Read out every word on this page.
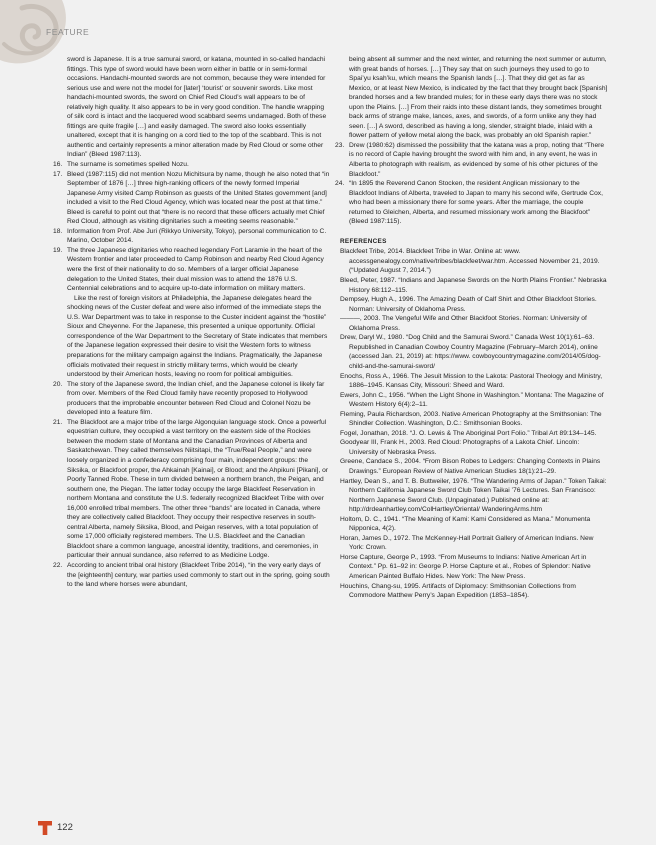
FEATURE
sword is Japanese. It is a true samurai sword, or katana, mounted in so-called handachi fittings. This type of sword would have been worn either in battle or in semi-formal occasions. Handachi-mounted swords are not common, because they were intended for serious use and were not the model for [later] ‘tourist’ or souvenir swords. Like most handachi-mounted swords, the sword on Chief Red Cloud’s wall appears to be of relatively high quality. It also appears to be in very good condition. The handle wrapping of silk cord is intact and the lacquered wood scabbard seems undamaged. Both of these fittings are quite fragile […] and easily damaged. The sword also looks essentially unaltered, except that it is hanging on a cord tied to the top of the scabbard. This is not authentic and certainly represents a minor alteration made by Red Cloud or some other Indian” (Bleed 1987:113).
16. The surname is sometimes spelled Nozu.
17. Bleed (1987:115) did not mention Nozu Michitsura by name, though he also noted that “in September of 1876 […] three high-ranking officers of the newly formed Imperial Japanese Army visited Camp Robinson as guests of the United States government [and] included a visit to the Red Cloud Agency, which was located near the post at that time.” Bleed is careful to point out that “there is no record that these officers actually met Chief Red Cloud, although as visiting dignitaries such a meeting seems reasonable.”
18. Information from Prof. Abe Juri (Rikkyo University, Tokyo), personal communication to C. Marino, October 2014.
19. The three Japanese dignitaries who reached legendary Fort Laramie in the heart of the Western frontier and later proceeded to Camp Robinson and nearby Red Cloud Agency were the first of their nationality to do so. Members of a larger official Japanese delegation to the United States, their dual mission was to attend the 1876 U.S. Centennial celebrations and to acquire up-to-date information on military matters.
Like the rest of foreign visitors at Philadelphia, the Japanese delegates heard the shocking news of the Custer defeat and were also informed of the immediate steps the U.S. War Department was to take in response to the Custer incident against the “hostile” Sioux and Cheyenne. For the Japanese, this presented a unique opportunity. Official correspondence of the War Department to the Secretary of State indicates that members of the Japanese legation expressed their desire to visit the Western forts to witness preparations for the military campaign against the Indians. Pragmatically, the Japanese officials motivated their request in strictly military terms, which would be clearly understood by their American hosts, leaving no room for political ambiguities.
20. The story of the Japanese sword, the Indian chief, and the Japanese colonel is likely far from over. Members of the Red Cloud family have recently proposed to Hollywood producers that the improbable encounter between Red Cloud and Colonel Nozu be developed into a feature film.
21. The Blackfoot are a major tribe of the large Algonquian language stock. Once a powerful equestrian culture, they occupied a vast territory on the eastern side of the Rockies between the modern state of Montana and the Canadian Provinces of Alberta and Saskatchewan. They called themselves Niitsitapi, the “True/Real People,” and were loosely organized in a confederacy comprising four main, independent groups: the Siksika, or Blackfoot proper, the Ahkainah [Kainai], or Blood; and the Ahpikuni [Pikani], or Poorly Tanned Robe. These in turn divided between a northern branch, the Peigan, and southern one, the Piegan. The latter today occupy the large Blackfeet Reservation in northern Montana and constitute the U.S. federally recognized Blackfeet Tribe with over 16,000 enrolled tribal members. The other three “bands” are located in Canada, where they are collectively called Blackfoot. They occupy their respective reserves in south-central Alberta, namely Siksika, Blood, and Peigan reserves, with a total population of some 17,000 officially registered members. The U.S. Blackfeet and the Canadian Blackfoot share a common language, ancestral identity, traditions, and ceremonies, in particular their annual sundance, also referred to as Medicine Lodge.
22. According to ancient tribal oral history (Blackfeet Tribe 2014), “in the very early days of the [eighteenth] century, war parties used commonly to start out in the spring, going south to the land where horses were abundant,
being absent all summer and the next winter, and returning the next summer or autumn, with great bands of horses. […] They say that on such journeys they used to go to Spai’yu ksah’ku, which means the Spanish lands […]. That they did get as far as Mexico, or at least New Mexico, is indicated by the fact that they brought back [Spanish] branded horses and a few branded mules; for in these early days there was no stock upon the Plains. […] From their raids into these distant lands, they sometimes brought back arms of strange make, lances, axes, and swords, of a form unlike any they had seen. […] A sword, described as having a long, slender, straight blade, inlaid with a flower pattern of yellow metal along the back, was probably an old Spanish rapier.”
23. Drew (1980:62) dismissed the possibility that the katana was a prop, noting that “There is no record of Caple having brought the sword with him and, in any event, he was in Alberta to photograph with realism, as evidenced by some of his other pictures of the Blackfoot.”
24. “In 1895 the Reverend Canon Stocken, the resident Anglican missionary to the Blackfoot Indians of Alberta, traveled to Japan to marry his second wife, Gertrude Cox, who had been a missionary there for some years. After the marriage, the couple returned to Gleichen, Alberta, and resumed missionary work among the Blackfoot” (Bleed 1987:115).
REFERENCES
Blackfeet Tribe, 2014. Blackfeet Tribe in War. Online at: www. accessgenealogy.com/native/tribes/blackfeet/war.htm. Accessed November 21, 2019. (“Updated August 7, 2014.”)
Bleed, Peter, 1987. “Indians and Japanese Swords on the North Plains Frontier.” Nebraska History 68:112–115.
Dempsey, Hugh A., 1996. The Amazing Death of Calf Shirt and Other Blackfoot Stories. Norman: University of Oklahoma Press.
———, 2003. The Vengeful Wife and Other Blackfoot Stories. Norman: University of Oklahoma Press.
Drew, Daryl W., 1980. “Dog Child and the Samurai Sword.” Canada West 10(1):61–63. Republished in Canadian Cowboy Country Magazine (February–March 2014), online (accessed Jan. 21, 2019) at: https://www. cowboycountrymagazine.com/2014/05/dog-child-and-the-samurai-sword/
Enochs, Ross A., 1966. The Jesuit Mission to the Lakota: Pastoral Theology and Ministry, 1886–1945. Kansas City, Missouri: Sheed and Ward.
Ewers, John C., 1956. “When the Light Shone in Washington.” Montana: The Magazine of Western History 6(4):2–11.
Fleming, Paula Richardson, 2003. Native American Photography at the Smithsonian: The Shindler Collection. Washington, D.C.: Smithsonian Books.
Fogel, Jonathan, 2018. “J. O. Lewis & The Aboriginal Port Folio.” Tribal Art 89:134–145.
Goodyear III, Frank H., 2003. Red Cloud: Photographs of a Lakota Chief. Lincoln: University of Nebraska Press.
Greene, Candace S., 2004. “From Bison Robes to Ledgers: Changing Contexts in Plains Drawings.” European Review of Native American Studies 18(1):21–29.
Hartley, Dean S., and T. B. Buttweiler, 1976. “The Wandering Arms of Japan.” Token Taikai: Northern California Japanese Sword Club Token Taikai ’76 Lectures. San Francisco: Northern Japanese Sword Club. (Unpaginated.) Published online at: http://drdeanhartley.com/ColHartley/Oriental/ WanderingArms.htm
Holtom, D. C., 1941. “The Meaning of Kami: Kami Considered as Mana.” Monumenta Nipponica, 4(2).
Horan, James D., 1972. The McKenney-Hall Portrait Gallery of American Indians. New York: Crown.
Horse Capture, George P., 1993. “From Museums to Indians: Native American Art in Context.” Pp. 61–92 in: George P. Horse Capture et al., Robes of Splendor: Native American Painted Buffalo Hides. New York: The New Press.
Houchins, Chang-su, 1995. Artifacts of Diplomacy: Smithsonian Collections from Commodore Matthew Perry’s Japan Expedition (1853–1854).
122
